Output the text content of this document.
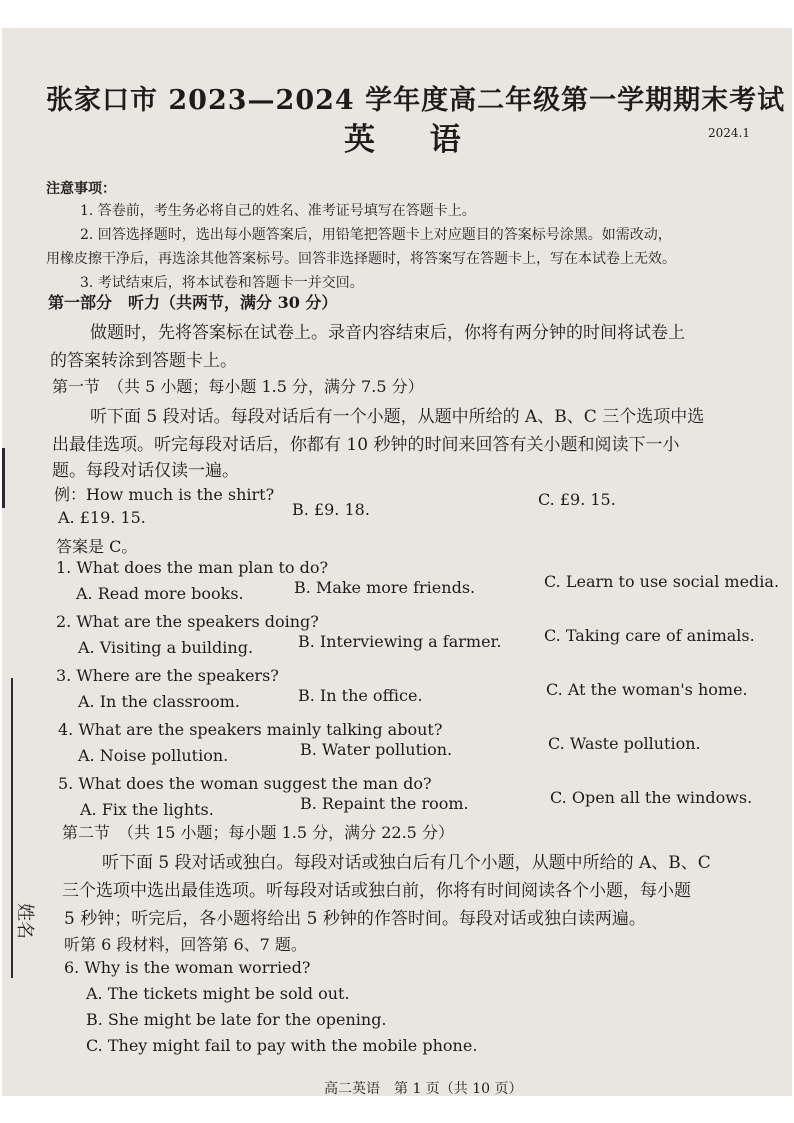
张家口市 2023—2024 学年度高二年级第一学期期末考试
英 语	2024.1
注意事项：
1. 答卷前，考生务必将自己的姓名、准考证号填写在答题卡上。
2. 回答选择题时，选出每小题答案后，用铅笔把答题卡上对应题目的答案标号涂黑。如需改动，
用橡皮擦干净后，再选涂其他答案标号。回答非选择题时，将答案写在答题卡上，写在本试卷上无效。
3. 考试结束后，将本试卷和答题卡一并交回。
第一部分　听力（共两节，满分 30 分）
做题时，先将答案标在试卷上。录音内容结束后，你将有两分钟的时间将试卷上
的答案转涂到答题卡上。
第一节　（共 5 小题；每小题 1.5 分，满分 7.5 分）
听下面 5 段对话。每段对话后有一个小题，从题中所给的 A、B、C 三个选项中选
出最佳选项。听完每段对话后，你都有 10 秒钟的时间来回答有关小题和阅读下一小
题。每段对话仅读一遍。
例：How much is the shirt?
A. £19. 15.	B. £9. 18.
C. £9. 15.
答案是 C。
1. What does the man plan to do?
A. Read more books.	B. Make more friends.	C. Learn to use social media.
2. What are the speakers doing?
A. Visiting a building.	B. Interviewing a farmer.	C. Taking care of animals.
3. Where are the speakers?
A. In the classroom.	B. In the office.	C. At the woman's home.
4. What are the speakers mainly talking about?
A. Noise pollution.	B. Water pollution.	C. Waste pollution.
5. What does the woman suggest the man do?
A. Fix the lights.	B. Repaint the room.	C. Open all the windows.
第二节　（共 15 小题；每小题 1.5 分，满分 22.5 分）
听下面 5 段对话或独白。每段对话或独白后有几个小题，从题中所给的 A、B、C
三个选项中选出最佳选项。听每段对话或独白前，你将有时间阅读各个小题，每小题
5 秒钟；听完后，各小题将给出 5 秒钟的作答时间。每段对话或独白读两遍。
听第 6 段材料，回答第 6、7 题。
6. Why is the woman worried?
A. The tickets might be sold out.
B. She might be late for the opening.
C. They might fail to pay with the mobile phone.
姓名
高二英语　第 1 页（共 10 页）
